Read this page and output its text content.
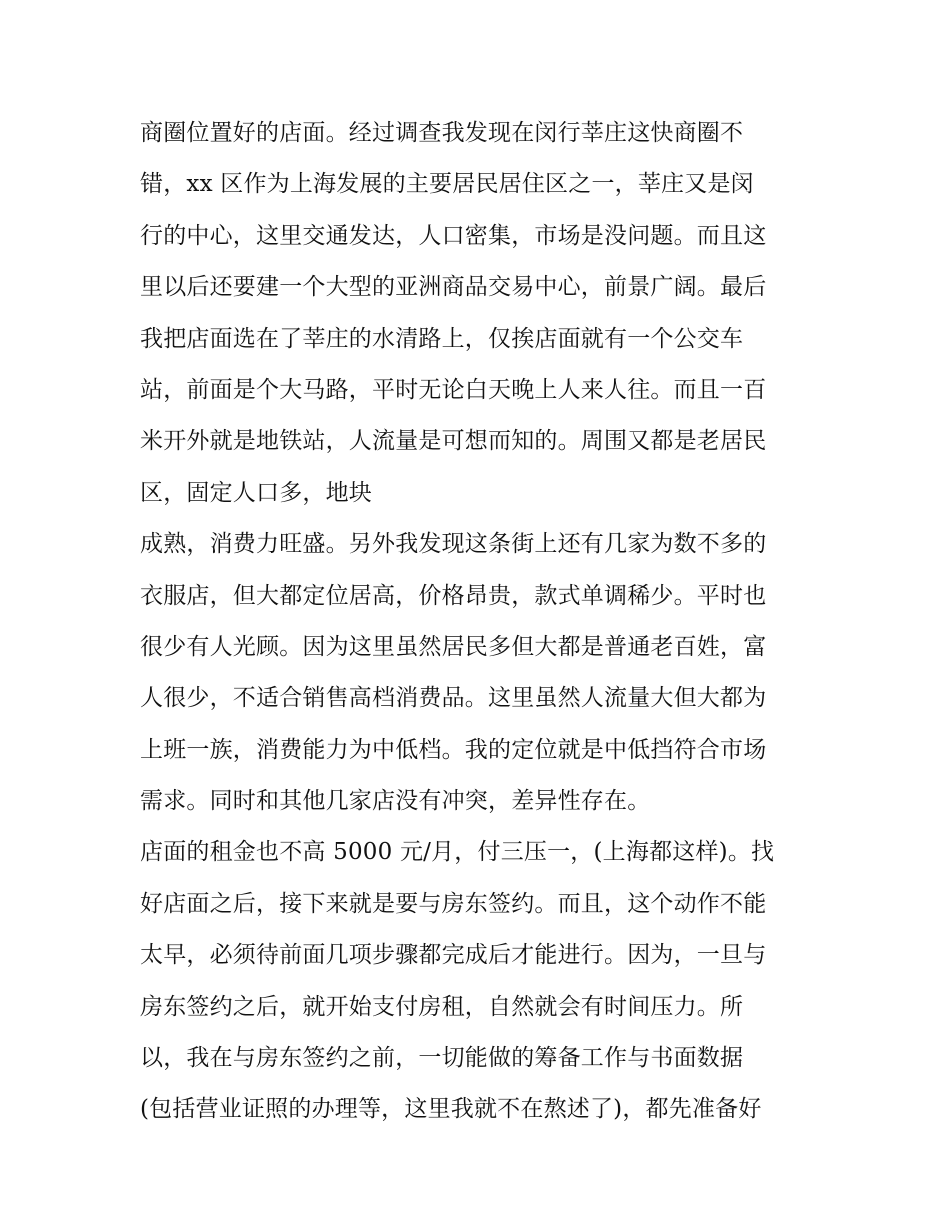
商圈位置好的店面。经过调查我发现在闵行莘庄这快商圈不
错，xx 区作为上海发展的主要居民居住区之一，莘庄又是闵
行的中心，这里交通发达，人口密集，市场是没问题。而且这
里以后还要建一个大型的亚洲商品交易中心，前景广阔。最后
我把店面选在了莘庄的水清路上，仅挨店面就有一个公交车
站，前面是个大马路，平时无论白天晚上人来人往。而且一百
米开外就是地铁站，人流量是可想而知的。周围又都是老居民
区，固定人口多，地块
成熟，消费力旺盛。另外我发现这条街上还有几家为数不多的
衣服店，但大都定位居高，价格昂贵，款式单调稀少。平时也
很少有人光顾。因为这里虽然居民多但大都是普通老百姓，富
人很少，不适合销售高档消费品。这里虽然人流量大但大都为
上班一族，消费能力为中低档。我的定位就是中低挡符合市场
需求。同时和其他几家店没有冲突，差异性存在。
店面的租金也不高 5000 元/月，付三压一，(上海都这样)。找
好店面之后，接下来就是要与房东签约。而且，这个动作不能
太早，必须待前面几项步骤都完成后才能进行。因为，一旦与
房东签约之后，就开始支付房租，自然就会有时间压力。所
以，我在与房东签约之前，一切能做的筹备工作与书面数据
(包括营业证照的办理等，这里我就不在熬述了)，都先准备好
